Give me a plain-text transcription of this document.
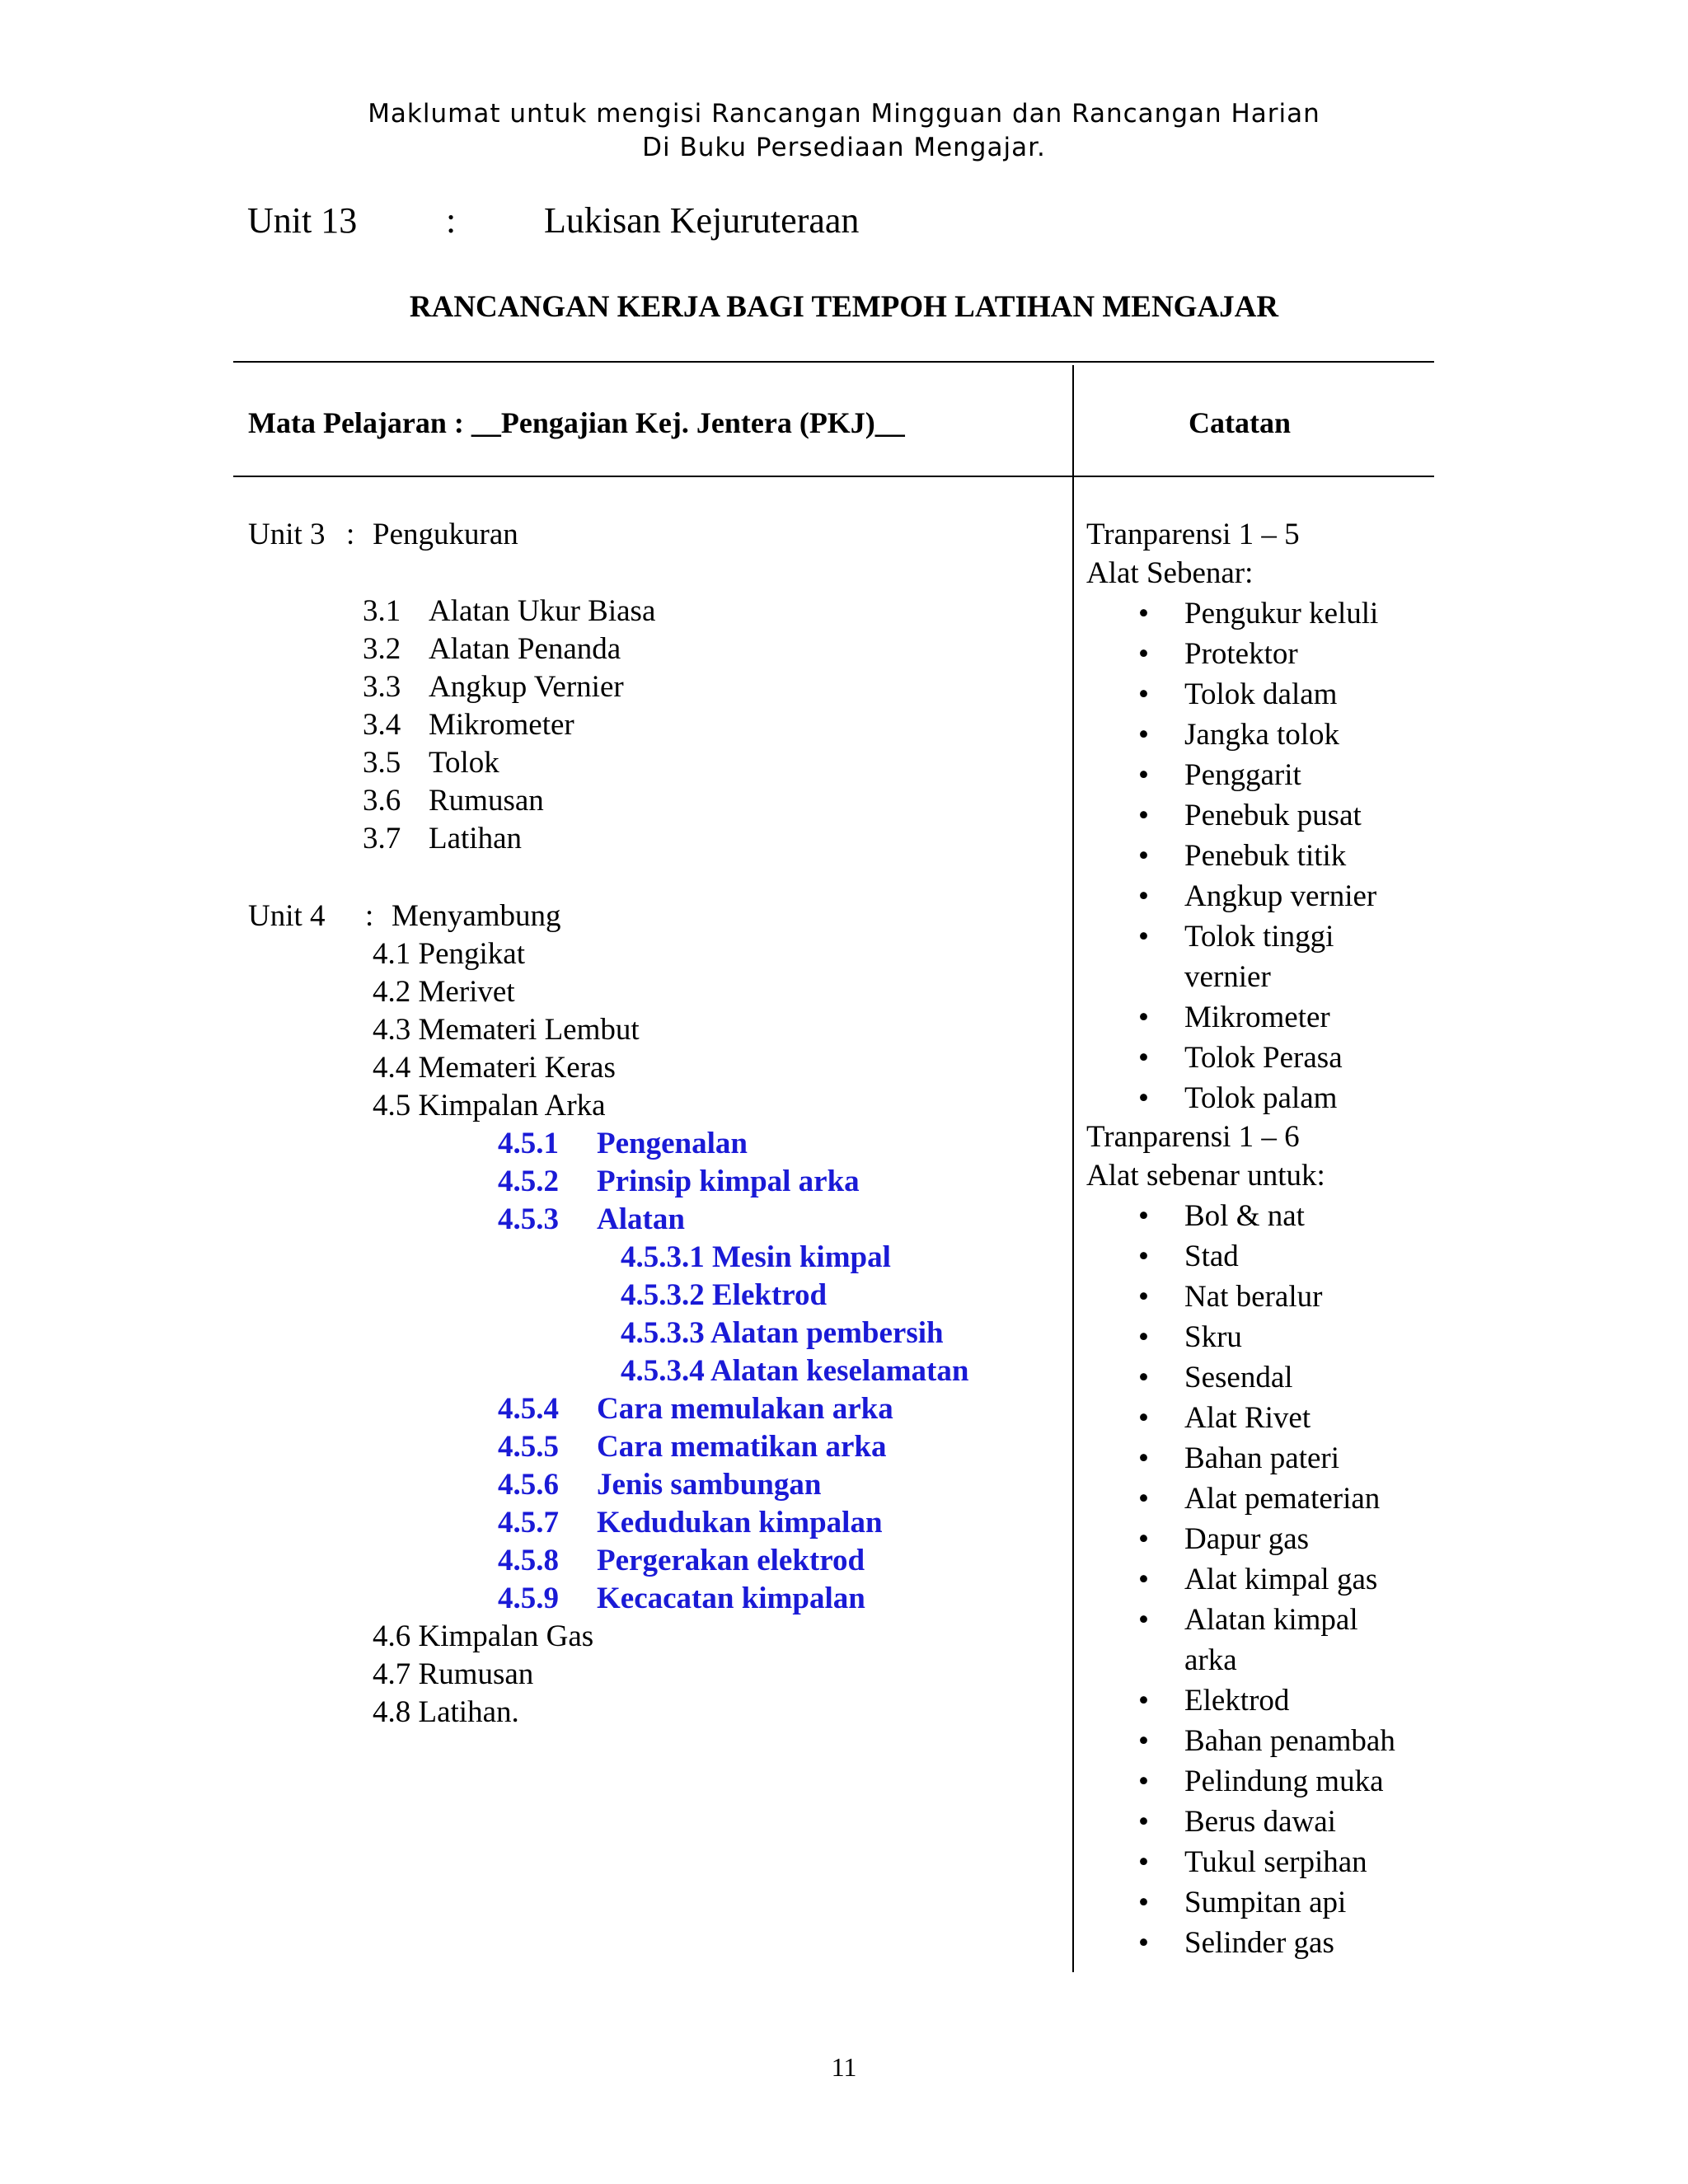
Maklumat untuk mengisi Rancangan Mingguan dan Rancangan Harian
Di Buku Persediaan Mengajar.
Unit 13 : Lukisan Kejuruteraan
RANCANGAN KERJA BAGI TEMPOH LATIHAN MENGAJAR
Mata Pelajaran : __Pengajian Kej. Jentera (PKJ)__	Catatan
Unit 3 : Pengukuran
3.1 Alatan Ukur Biasa
3.2 Alatan Penanda
3.3 Angkup Vernier
3.4 Mikrometer
3.5 Tolok
3.6 Rumusan
3.7 Latihan
Unit 4 : Menyambung
4.1 Pengikat
4.2 Merivet
4.3 Memateri Lembut
4.4 Memateri Keras
4.5 Kimpalan Arka
4.5.1 Pengenalan
4.5.2 Prinsip kimpal arka
4.5.3 Alatan
4.5.3.1 Mesin kimpal
4.5.3.2 Elektrod
4.5.3.3 Alatan pembersih
4.5.3.4 Alatan keselamatan
4.5.4 Cara memulakan arka
4.5.5 Cara mematikan arka
4.5.6 Jenis sambungan
4.5.7 Kedudukan kimpalan
4.5.8 Pergerakan elektrod
4.5.9 Kecacatan kimpalan
4.6 Kimpalan Gas
4.7 Rumusan
4.8 Latihan.
Tranparensi 1 – 5
Alat Sebenar:
• Pengukur keluli
• Protektor
• Tolok dalam
• Jangka tolok
• Penggarit
• Penebuk pusat
• Penebuk titik
• Angkup vernier
• Tolok tinggi
vernier
• Mikrometer
• Tolok Perasa
• Tolok palam
Tranparensi 1 – 6
Alat sebenar untuk:
• Bol & nat
• Stad
• Nat beralur
• Skru
• Sesendal
• Alat Rivet
• Bahan pateri
• Alat pematerian
• Dapur gas
• Alat kimpal gas
• Alatan kimpal
arka
• Elektrod
• Bahan penambah
• Pelindung muka
• Berus dawai
• Tukul serpihan
• Sumpitan api
• Selinder gas
11
